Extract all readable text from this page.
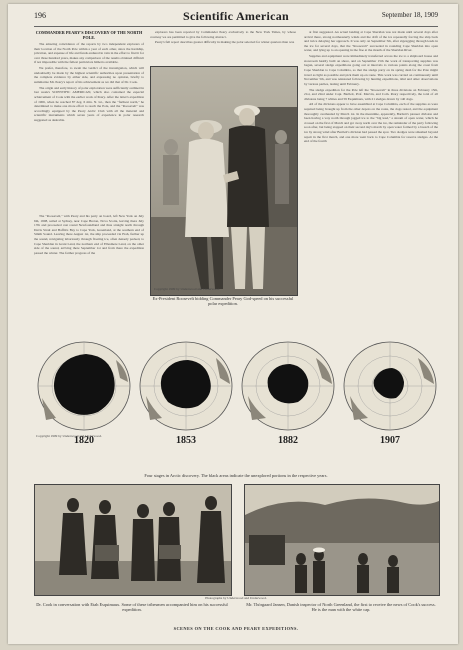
196	Scientific American	September 18, 1909
COMMANDER PEARY'S DISCOVERY OF THE NORTH POLE.

The amazing coincidence of the reports by two independent explorers of their location of the North Pole within a year of each other, since the hardship, privation, and expense of life and funds endured in vain in the effort to find it for over three hundred years, makes any comparison of the results obtained difficult if not impossible with the fullest particulars hitherto available.

We prefer, therefore, to await the verdict of the investigation, which will undoubtedly be made by the highest scientific authorities upon presentation of the complete evidence by either side, and expressing no opinion, briefly to summarize Mr. Peary's report of his achievement as we did that of Dr. Cook.

The origin and early history of polar exploration were sufficiently outlined in last week's SCIENTIFIC AMERICAN, which also contained the especial achievement of Cook with the earlier work of Peary. After the latter's expedition of 1906, when he reached 87 deg. 6 min. N. lat., then the "farthest north," he determined to make one more effort to reach the Pole, and the "Roosevelt" was accordingly equipped by the Peary Arctic Club with all the material and scientific instruments which seven years of experience in polar research suggested as desirable.

The "Roosevelt," with Peary and his party on board, left New York on July 6th, 1908, sailed at Sydney, near Cape Breton, Nova Scotia, leaving there July 17th and proceeded cast round Newfoundland and thus straight north through Davis Strait and Baffin's Bay to Cape York, Greenland, at the southern end of Smith Sound. Leaving there August 1st, the ship proceeded via Etah, further up the sound, navigating laboriously through floating ice, often densely packed, to Cape Sheridan in Grant Land, the northern end of Ellesmere Land, on the other side of the sound, arriving there September 1st and from there the expedition passed the winter. The farther progress of the

explorers has been reported by Commander Peary exclusively to the New York Times, by whose courtesy we are permitted to give the following abstract.

Peary's full report describes greater difficulty in making the polar selected for winter quarters than was

at first suggested. An actual landing at Cape Sheridan was not made until several days after arrival there, strong northeasterly winds and the drift of the ice repeatedly forcing the ship back and twice delaying her approach. It was only on September 5th, after zigzagging through leads in the ice for several days, that the "Roosevelt" succeeded in rounding Cape Sheridan into open water, and lying up to an opening in the floe at the mouth of the Sheridan River.

Supplies and equipment were immediately transferred across the ice to a shipboard house and storeroom hastily built on shore, and on September 15th the work of transporting supplies was begun, several sledge expeditions going out at intervals to various points along the coast from Cape Sheridan to Cape Columbia, so that the sledge party on its spring dash for the Pole might travel as light as possible and pick them up en route. This work was carried on continuously until November 5th, and was reinstated following by hunting expeditions, tidal and other observations by various parties, lasting until February.

The sledge expedition for the Pole left the "Roosevelt" in three divisions on February 15th, 21st, and 22nd under Capt. Bartlett, Prof. Marvin, and Com. Peary respectively, the total of all divisions being 7 whites and 59 Esquimaux, with 21 sledges drawn by 140 dogs.

All of the divisions appear to have assembled at Cape Columbia, each of the supplies as were required being brought up from the other depots on the route, the dogs rested, and the equipment thoroughly overhauled by March 1st. In the meantime, apparently, Bartlett's pioneer division and been having a way north through jagged ice to the "big lead," a stream of open water, which he crossed on the first of March and got away north over the ice, the remainder of the party following soon after, but being stopped on their second day's march by open water formed by a breach of the ice by strong wind after Bartlett's division had passed the spot. Two sledges were smashed beyond repair in the first march, and one more went back to Cape Columbia for reserve sledges. At the end of the fourth

Copyright 1909 by Underwood and Underwood.
Ex-President Roosevelt bidding Commander Peary God-speed on his successful polar expedition.
1820	1853	1882	1907
Copyright 1909 by Underwood and Underwood.
Four stages in Arctic discovery. The black areas indicate the unexplored portions in the respective years.
Photographs by Underwood and Underwood.
Dr. Cook in conversation with Etah Esquimaux. Some of these tribesmen accompanied him on his successful expedition.
Mr. Thörgaard Jansen, Danish inspector of North Greenland, the first to receive the news of Cook's success. He is the man with the white cap.
SCENES ON THE COOK AND PEARY EXPEDITIONS.
